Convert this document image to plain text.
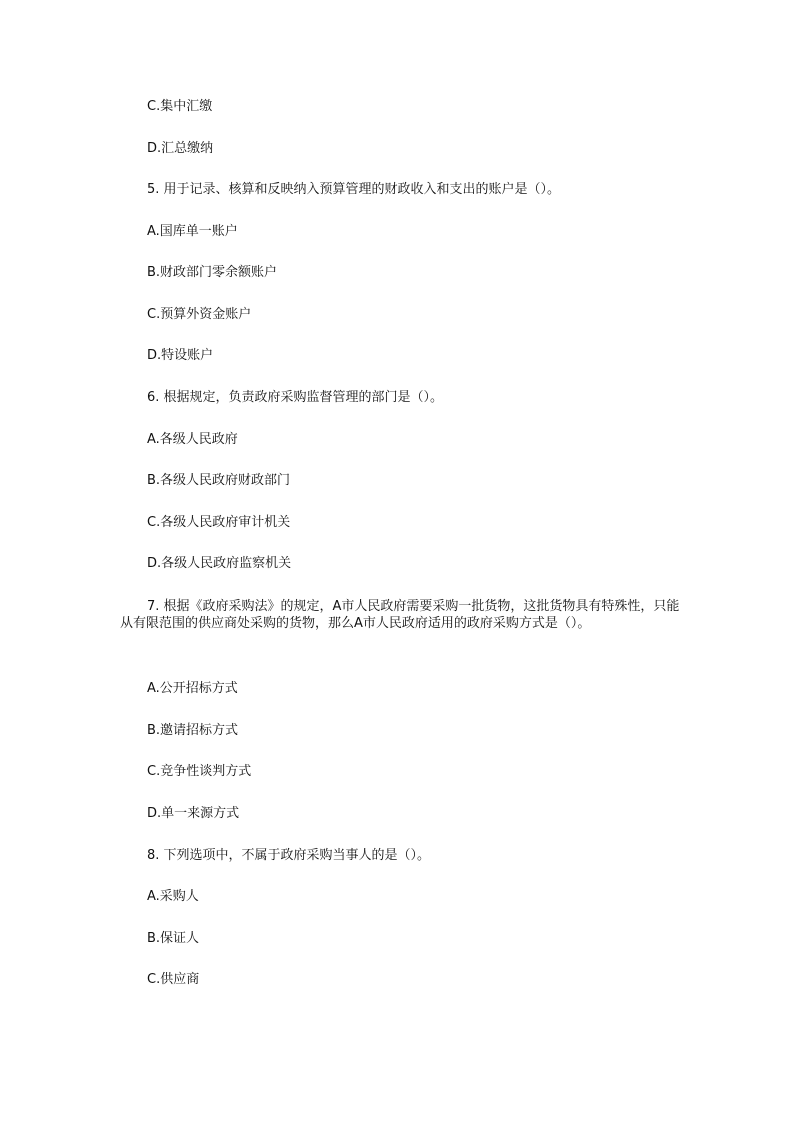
C.集中汇缴
D.汇总缴纳
5. 用于记录、核算和反映纳入预算管理的财政收入和支出的账户是（）。
A.国库单一账户
B.财政部门零余额账户
C.预算外资金账户
D.特设账户
6. 根据规定，负责政府采购监督管理的部门是（）。
A.各级人民政府
B.各级人民政府财政部门
C.各级人民政府审计机关
D.各级人民政府监察机关
7. 根据《政府采购法》的规定，A市人民政府需要采购一批货物，这批货物具有特殊性，只能从有限范围的供应商处采购的货物，那么A市人民政府适用的政府采购方式是（）。
A.公开招标方式
B.邀请招标方式
C.竞争性谈判方式
D.单一来源方式
8. 下列选项中，不属于政府采购当事人的是（）。
A.采购人
B.保证人
C.供应商
